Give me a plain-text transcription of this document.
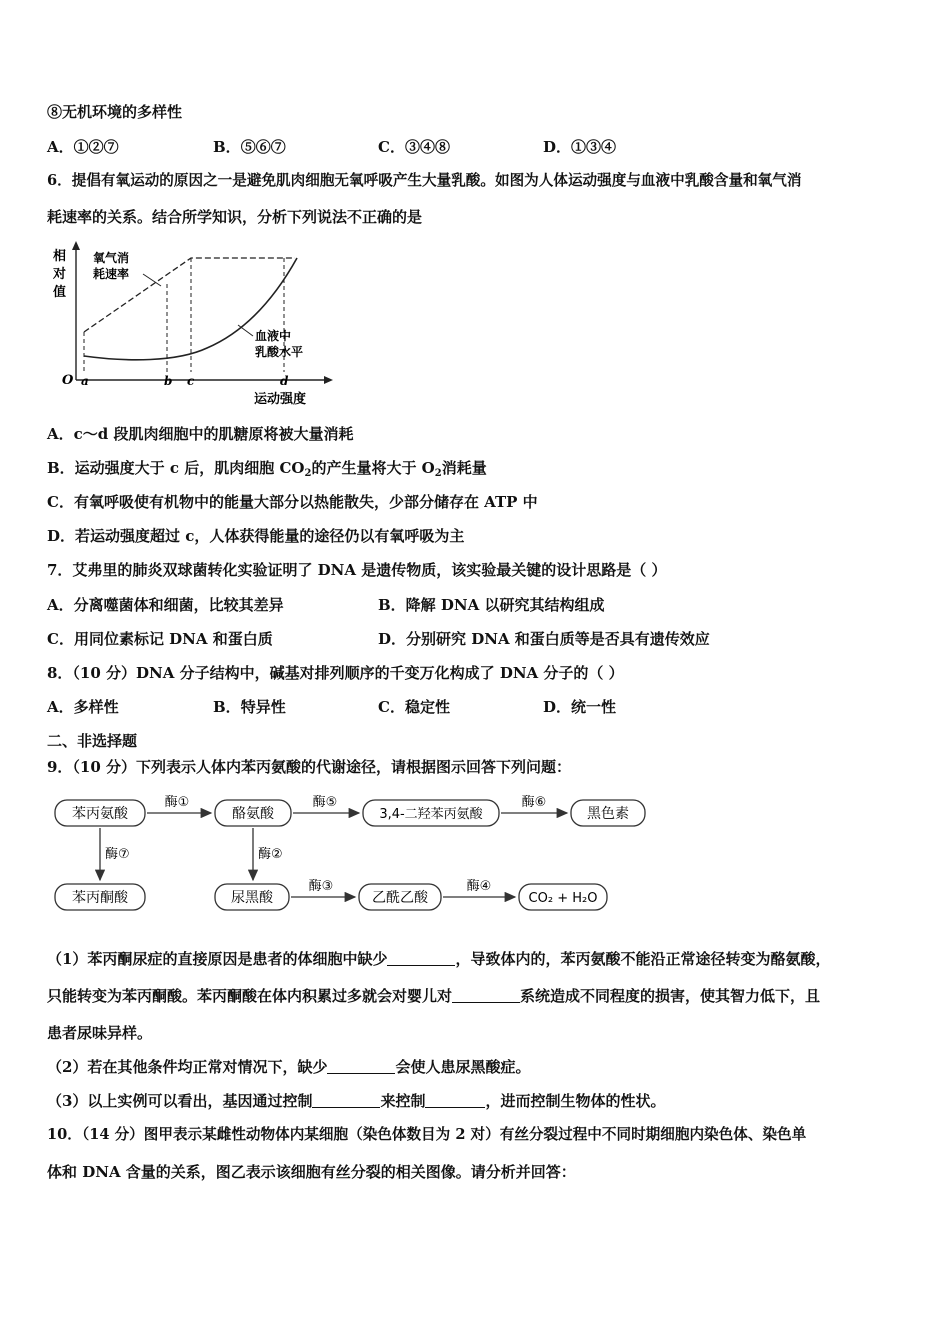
⑧无机环境的多样性
A．①②⑦	B．⑤⑥⑦	C．③④⑧	D．①③④
6．提倡有氧运动的原因之一是避免肌肉细胞无氧呼吸产生大量乳酸。如图为人体运动强度与血液中乳酸含量和氧气消
耗速率的关系。结合所学知识，分析下列说法不正确的是
相
对
值
O a	b c	d
运动强度
氧气消
耗速率
血液中
乳酸水平
A．c～d 段肌肉细胞中的肌糖原将被大量消耗
B．运动强度大于 c 后，肌肉细胞 $CO_2$的产生量将大于 $O_2$消耗量
C．有氧呼吸使有机物中的能量大部分以热能散失，少部分储存在 ATP 中
D．若运动强度超过 c，人体获得能量的途径仍以有氧呼吸为主
7．艾弗里的肺炎双球菌转化实验证明了 DNA 是遗传物质，该实验最关键的设计思路是（ ）
A．分离噬菌体和细菌，比较其差异	B．降解 DNA 以研究其结构组成
C．用同位素标记 DNA 和蛋白质	D．分别研究 DNA 和蛋白质等是否具有遗传效应
8．（10 分）DNA 分子结构中，碱基对排列顺序的千变万化构成了 DNA 分子的（ ）
A．多样性	B．特异性	C．稳定性	D．统一性
二、非选择题
9．（10 分）下列表示人体内苯丙氨酸的代谢途径，请根据图示回答下列问题：
苯丙氨酸	酪氨酸	3,4-二羟苯丙氨酸	黑色素
酶①	酶⑤	酶⑥
酶⑦	酶②
苯丙酮酸	尿黑酸	乙酰乙酸	CO₂ + H₂O
酶③	酶④
（1）苯丙酮尿症的直接原因是患者的体细胞中缺少	，导致体内的，苯丙氨酸不能沿正常途径转变为酪氨酸，
只能转变为苯丙酮酸。苯丙酮酸在体内积累过多就会对婴儿对	系统造成不同程度的损害，使其智力低下，且
患者尿味异样。
（2）若在其他条件均正常对情况下，缺少	会使人患尿黑酸症。
（3）以上实例可以看出，基因通过控制	来控制	，进而控制生物体的性状。
10．（14 分）图甲表示某雌性动物体内某细胞（染色体数目为 2 对）有丝分裂过程中不同时期细胞内染色体、染色单
体和 DNA 含量的关系，图乙表示该细胞有丝分裂的相关图像。请分析并回答：
